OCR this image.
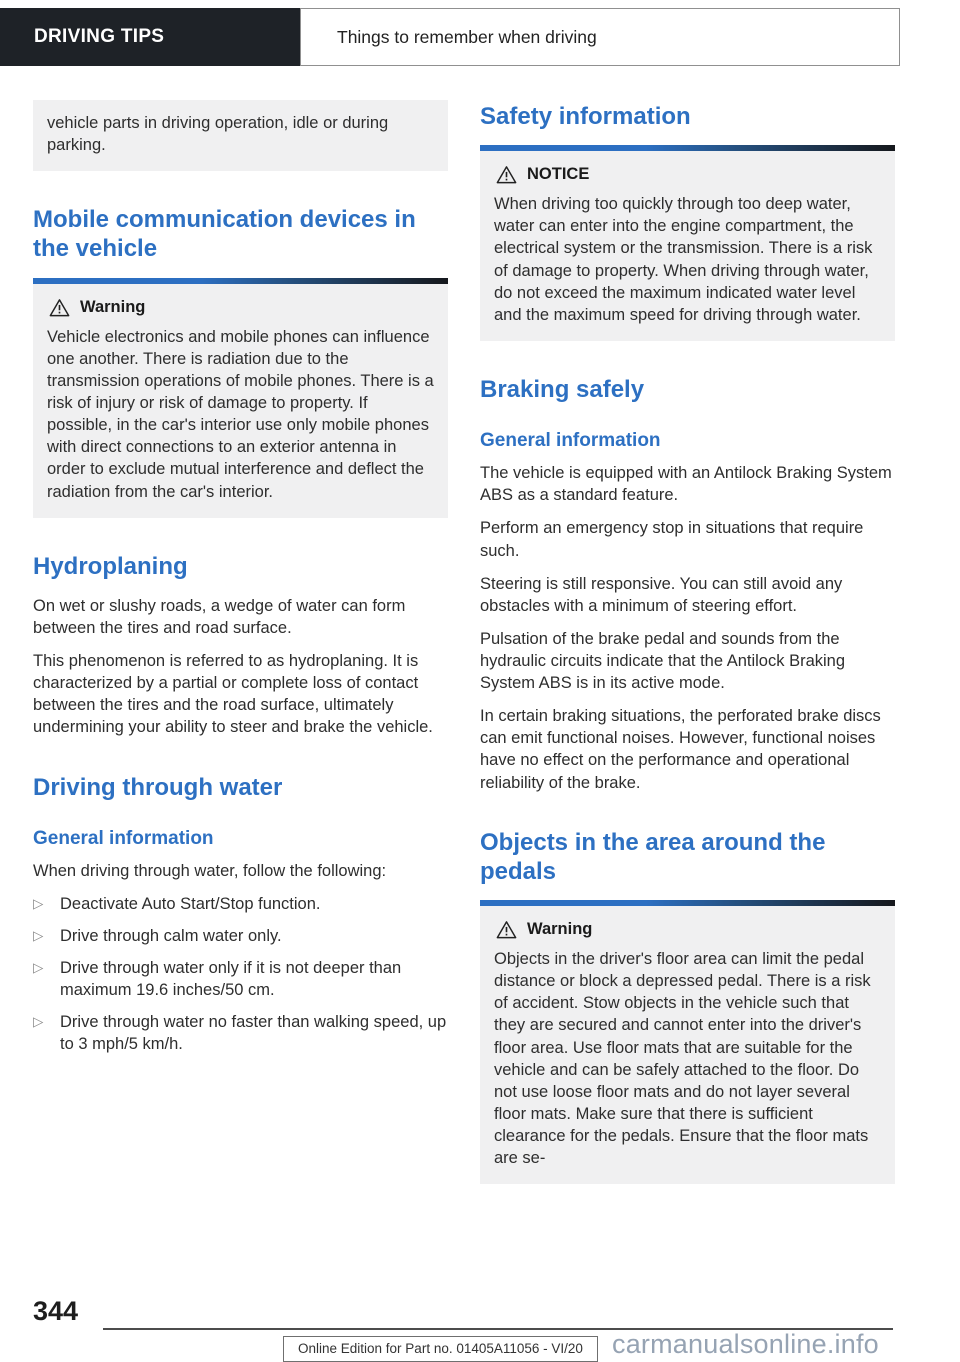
DRIVING TIPS	Things to remember when driving

vehicle parts in driving operation, idle or during parking.

Mobile communication devices in the vehicle
Warning

Vehicle electronics and mobile phones can influence one another. There is radiation due to the transmission operations of mobile phones. There is a risk of injury or risk of damage to property. If possible, in the car's interior use only mobile phones with direct connections to an exterior antenna in order to exclude mutual interference and deflect the radiation from the car's interior.

Hydroplaning

On wet or slushy roads, a wedge of water can form between the tires and road surface.

This phenomenon is referred to as hydroplaning. It is characterized by a partial or complete loss of contact between the tires and the road surface, ultimately undermining your ability to steer and brake the vehicle.

Driving through water
General information

When driving through water, follow the following:

▷	Deactivate Auto Start/Stop function.
▷	Drive through calm water only.
▷	Drive through water only if it is not deeper than maximum 19.6 inches/50 cm.
▷	Drive through water no faster than walking speed, up to 3 mph/5 km/h.
Safety information
NOTICE

When driving too quickly through too deep water, water can enter into the engine compartment, the electrical system or the transmission. There is a risk of damage to property. When driving through water, do not exceed the maximum indicated water level and the maximum speed for driving through water.

Braking safely
General information

The vehicle is equipped with an Antilock Braking System ABS as a standard feature.

Perform an emergency stop in situations that require such.

Steering is still responsive. You can still avoid any obstacles with a minimum of steering effort.

Pulsation of the brake pedal and sounds from the hydraulic circuits indicate that the Antilock Braking System ABS is in its active mode.

In certain braking situations, the perforated brake discs can emit functional noises. However, functional noises have no effect on the performance and operational reliability of the brake.

Objects in the area around the pedals
Warning

Objects in the driver's floor area can limit the pedal distance or block a depressed pedal. There is a risk of accident. Stow objects in the vehicle such that they are secured and cannot enter into the driver's floor area. Use floor mats that are suitable for the vehicle and can be safely attached to the floor. Do not use loose floor mats and do not layer several floor mats. Make sure that there is sufficient clearance for the pedals. Ensure that the floor mats are se-

344
Online Edition for Part no. 01405A11056 - VI/20	carmanualsonline.info
